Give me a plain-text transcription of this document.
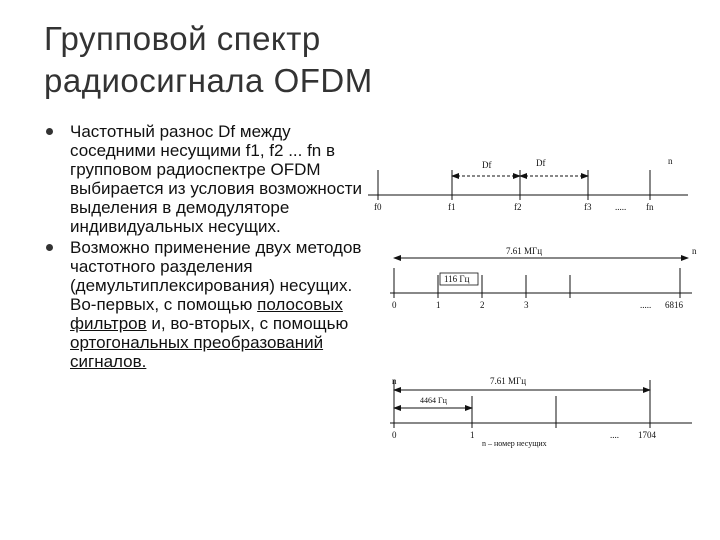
Групповой спектр
радиосигнала OFDM
Частотный разнос Df между соседними несущими f1, f2 ... fn в групповом радиоспектре OFDM выбирается из условия возможности выделения в демодуляторе индивидуальных несущих.
Возможно применение двух методов частотного разделения (демультиплексирования) несущих. Во-первых, с помощью полосовых фильтров и, во-вторых, с помощью ортогональных преобразований сигналов.
Df	Df	n
f0	f1	f2	f3	..... fn
7.61 МГц	n
116 Гц
0	1	2	3	..... 6816
7.61 МГц
n
4464 Гц
0	1	.... 1704
n – номер несущих
